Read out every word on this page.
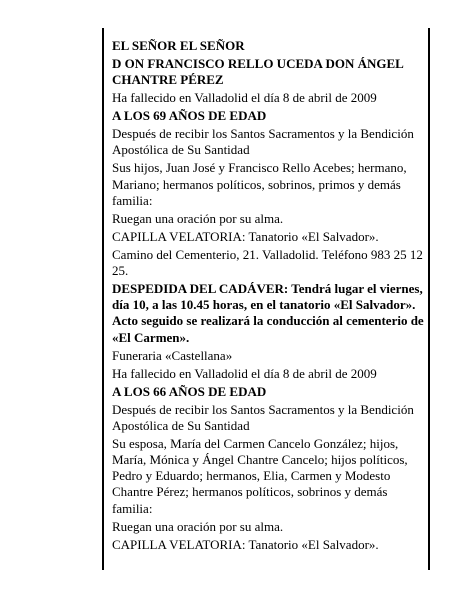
EL SEÑOR EL SEÑOR
D ON FRANCISCO RELLO UCEDA DON ÁNGEL CHANTRE PÉREZ
Ha fallecido en Valladolid el día 8 de abril de 2009
A LOS 69 AÑOS DE EDAD
Después de recibir los Santos Sacramentos y la Bendición Apostólica de Su Santidad
Sus hijos, Juan José y Francisco Rello Acebes; hermano, Mariano; hermanos políticos, sobrinos, primos y demás familia:
Ruegan una oración por su alma.
CAPILLA VELATORIA: Tanatorio «El Salvador».
Camino del Cementerio, 21. Valladolid. Teléfono 983 25 12 25.
DESPEDIDA DEL CADÁVER: Tendrá lugar el viernes, día 10, a las 10.45 horas, en el tanatorio «El Salvador». Acto seguido se realizará la conducción al cementerio de «El Carmen».
Funeraria «Castellana»
Ha fallecido en Valladolid el día 8 de abril de 2009
A LOS 66 AÑOS DE EDAD
Después de recibir los Santos Sacramentos y la Bendición Apostólica de Su Santidad
Su esposa, María del Carmen Cancelo González; hijos, María, Mónica y Ángel Chantre Cancelo; hijos políticos, Pedro y Eduardo; hermanos, Elia, Carmen y Modesto Chantre Pérez; hermanos políticos, sobrinos y demás familia:
Ruegan una oración por su alma.
CAPILLA VELATORIA: Tanatorio «El Salvador».
